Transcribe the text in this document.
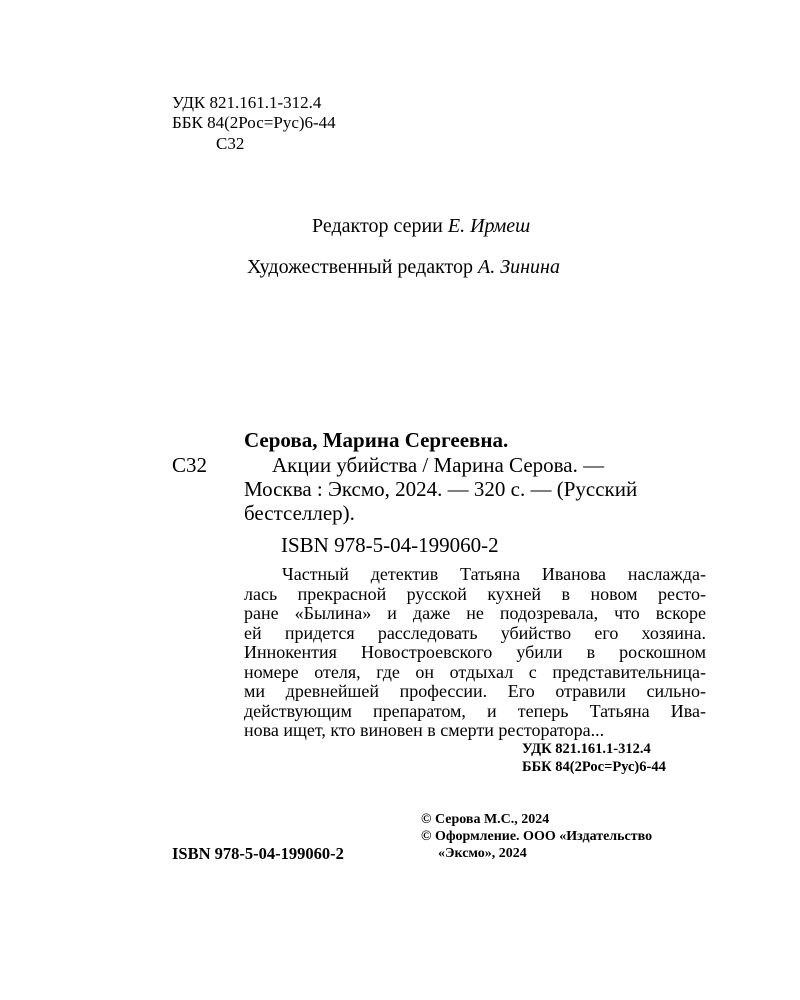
УДК 821.161.1-312.4
ББК 84(2Рос=Рус)6-44
С32
Редактор серии Е. Ирмеш
Художественный редактор А. Зинина
Серова, Марина Сергеевна.
С32	Акции убийства / Марина Серова. —
Москва : Эксмо, 2024. — 320 с. — (Русский
бестселлер).
ISBN 978-5-04-199060-2
Частный детектив Татьяна Иванова наслажда-
лась прекрасной русской кухней в новом ресто-
ране «Былина» и даже не подозревала, что вскоре
ей придется расследовать убийство его хозяина.
Иннокентия Новостроевского убили в роскошном
номере отеля, где он отдыхал с представительница-
ми древнейшей профессии. Его отравили сильно-
действующим препаратом, и теперь Татьяна Ива-
нова ищет, кто виновен в смерти ресторатора...
УДК 821.161.1-312.4
ББК 84(2Рос=Рус)6-44
© Серова М.С., 2024
© Оформление. ООО «Издательство
«Эксмо», 2024
ISBN 978-5-04-199060-2
